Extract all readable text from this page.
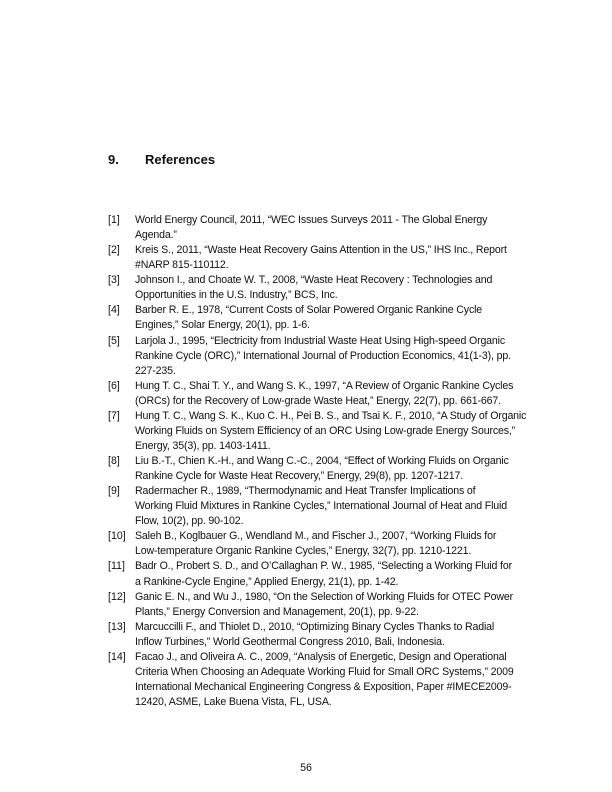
9. References
[1] World Energy Council, 2011, “WEC Issues Surveys 2011 - The Global Energy
Agenda.”
[2] Kreis S., 2011, “Waste Heat Recovery Gains Attention in the US,” IHS Inc., Report
#NARP 815-110112.
[3] Johnson I., and Choate W. T., 2008, “Waste Heat Recovery : Technologies and
Opportunities in the U.S. Industry,” BCS, Inc.
[4] Barber R. E., 1978, “Current Costs of Solar Powered Organic Rankine Cycle
Engines,” Solar Energy, 20(1), pp. 1-6.
[5] Larjola J., 1995, “Electricity from Industrial Waste Heat Using High-speed Organic
Rankine Cycle (ORC),” International Journal of Production Economics, 41(1-3), pp.
227-235.
[6] Hung T. C., Shai T. Y., and Wang S. K., 1997, “A Review of Organic Rankine Cycles
(ORCs) for the Recovery of Low-grade Waste Heat,” Energy, 22(7), pp. 661-667.
[7] Hung T. C., Wang S. K., Kuo C. H., Pei B. S., and Tsai K. F., 2010, “A Study of Organic
Working Fluids on System Efficiency of an ORC Using Low-grade Energy Sources,”
Energy, 35(3), pp. 1403-1411.
[8] Liu B.-T., Chien K.-H., and Wang C.-C., 2004, “Effect of Working Fluids on Organic
Rankine Cycle for Waste Heat Recovery,” Energy, 29(8), pp. 1207-1217.
[9] Radermacher R., 1989, “Thermodynamic and Heat Transfer Implications of
Working Fluid Mixtures in Rankine Cycles,” International Journal of Heat and Fluid
Flow, 10(2), pp. 90-102.
[10] Saleh B., Koglbauer G., Wendland M., and Fischer J., 2007, “Working Fluids for
Low-temperature Organic Rankine Cycles,” Energy, 32(7), pp. 1210-1221.
[11] Badr O., Probert S. D., and O’Callaghan P. W., 1985, “Selecting a Working Fluid for
a Rankine-Cycle Engine,” Applied Energy, 21(1), pp. 1-42.
[12] Ganic E. N., and Wu J., 1980, “On the Selection of Working Fluids for OTEC Power
Plants,” Energy Conversion and Management, 20(1), pp. 9-22.
[13] Marcuccilli F., and Thiolet D., 2010, “Optimizing Binary Cycles Thanks to Radial
Inflow Turbines,” World Geothermal Congress 2010, Bali, Indonesia.
[14] Facao J., and Oliveira A. C., 2009, “Analysis of Energetic, Design and Operational
Criteria When Choosing an Adequate Working Fluid for Small ORC Systems,” 2009
International Mechanical Engineering Congress & Exposition, Paper #IMECE2009-
12420, ASME, Lake Buena Vista, FL, USA.
56
